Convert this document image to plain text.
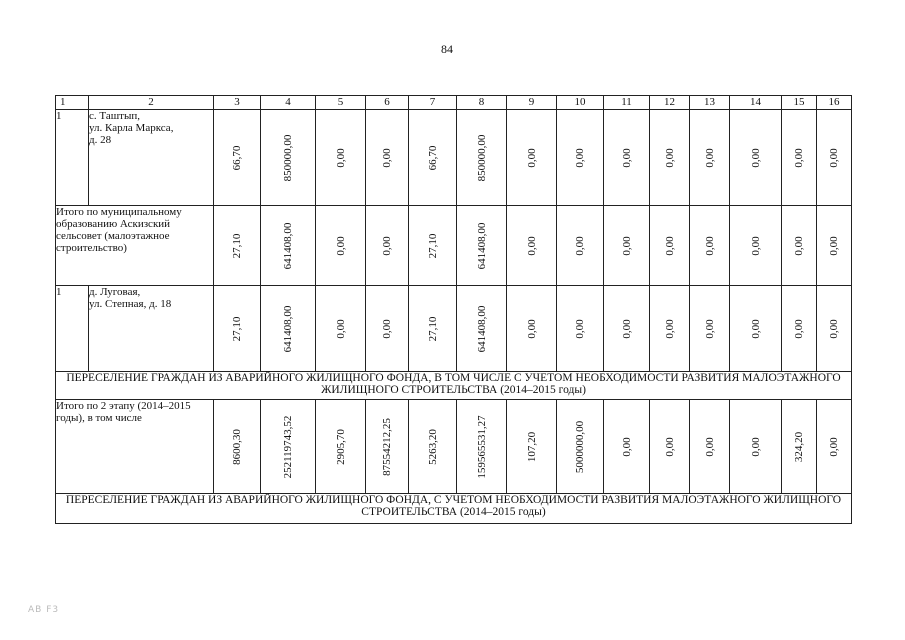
84
1	2	3	4	5	6	7	8	9	10	11	12	13	14	15	16
1	с. Таштып,
ул. Карла Маркса,
д. 28	66,70	850000,00	0,00	0,00	66,70	850000,00	0,00	0,00	0,00	0,00	0,00	0,00	0,00	0,00

Итого по муниципальному образованию Аскизский сельсовет (малоэтажное строительство)		27,10	641408,00	0,00	0,00	27,10	641408,00	0,00	0,00	0,00	0,00	0,00	0,00	0,00	0,00

1	д. Луговая,
ул. Степная, д. 18	27,10	641408,00	0,00	0,00	27,10	641408,00	0,00	0,00	0,00	0,00	0,00	0,00	0,00	0,00

ПЕРЕСЕЛЕНИЕ ГРАЖДАН ИЗ АВАРИЙНОГО ЖИЛИЩНОГО ФОНДА, В ТОМ ЧИСЛЕ С УЧЕТОМ НЕОБХОДИМОСТИ РАЗВИТИЯ МАЛОЭТАЖНОГО ЖИЛИЩНОГО СТРОИТЕЛЬСТВА (2014–2015 годы)															
Итого по 2 этапу (2014–2015 годы), в том числе		8600,30	252119743,52	2905,70	87554212,25	5263,20	159565531,27	107,20	5000000,00	0,00	0,00	0,00	0,00	324,20	0,00

ПЕРЕСЕЛЕНИЕ ГРАЖДАН ИЗ АВАРИЙНОГО ЖИЛИЩНОГО ФОНДА, С УЧЕТОМ НЕОБХОДИМОСТИ РАЗВИТИЯ МАЛОЭТАЖНОГО ЖИЛИЩНОГО СТРОИТЕЛЬСТВА (2014–2015 годы)															
AB F3
